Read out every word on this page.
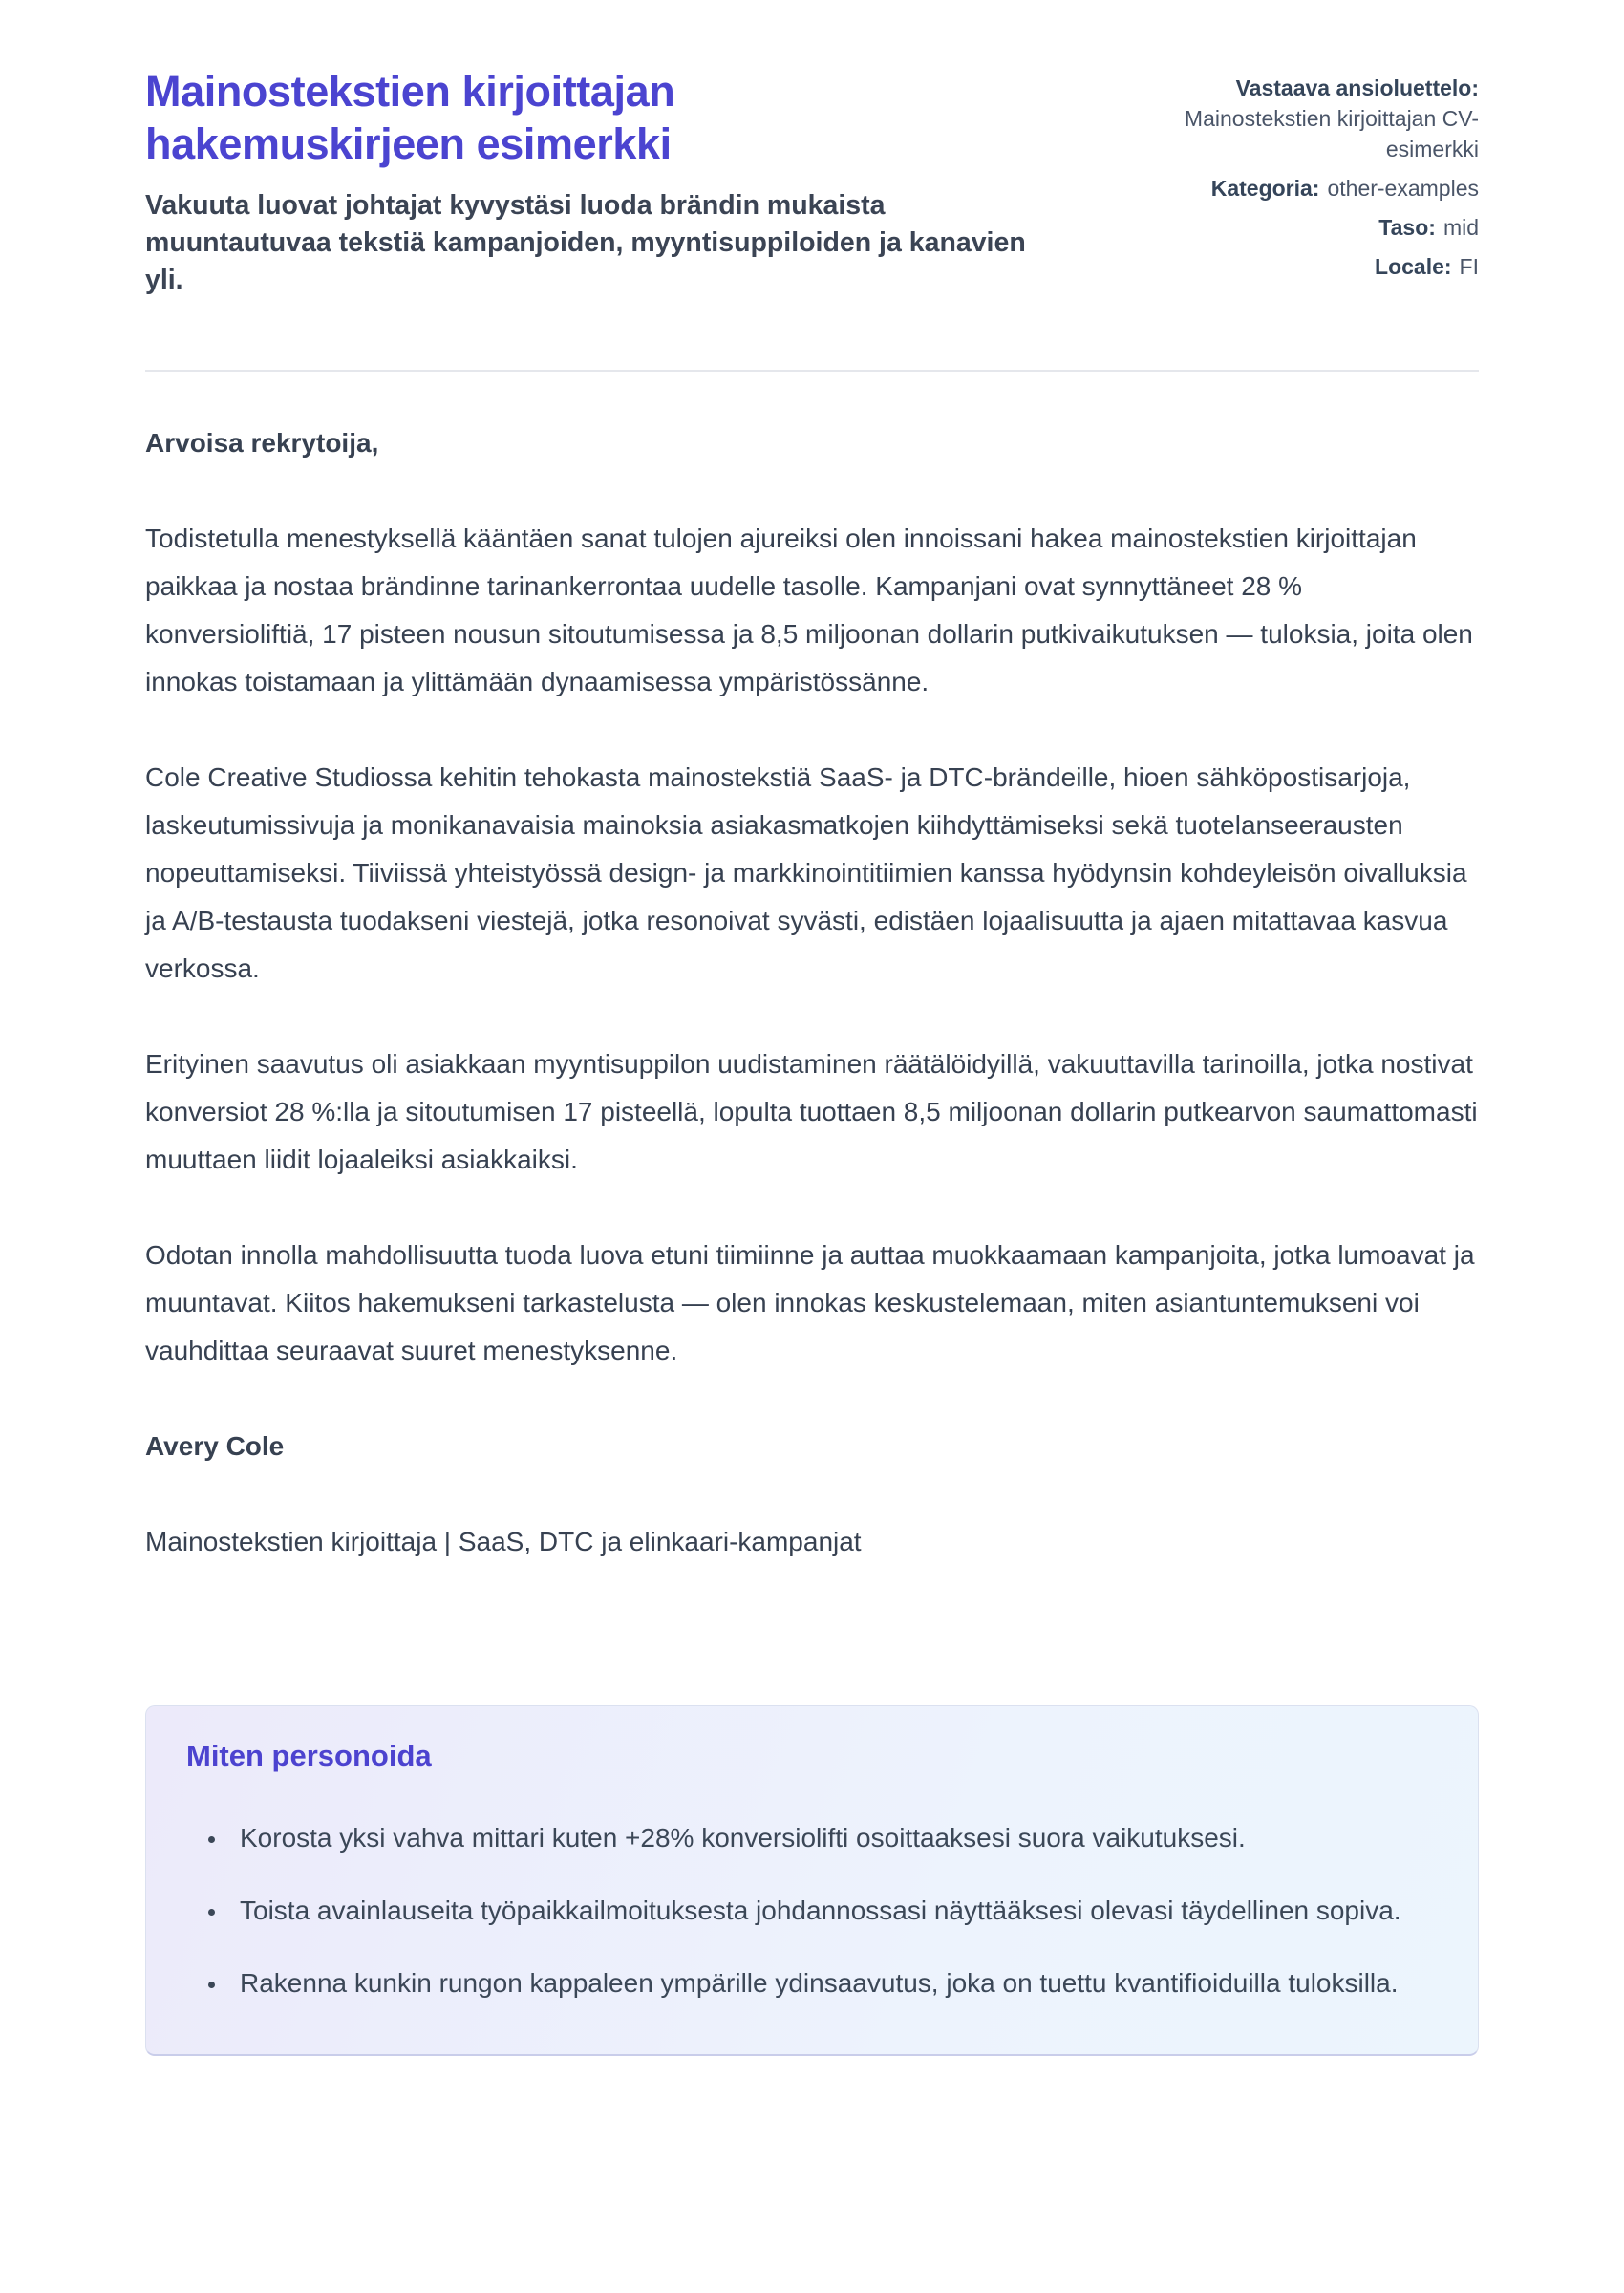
Mainostekstien kirjoittajan hakemuskirjeen esimerkki

Vakuuta luovat johtajat kyvystäsi luoda brändin mukaista muuntautuvaa tekstiä kampanjoiden, myyntisuppiloiden ja kanavien yli.

Vastaava ansioluettelo:
Mainostekstien kirjoittajan CV-esimerkki
Kategoria: other-examples
Taso: mid
Locale: FI

Arvoisa rekrytoija,

Todistetulla menestyksellä kääntäen sanat tulojen ajureiksi olen innoissani hakea mainostekstien kirjoittajan paikkaa ja nostaa brändinne tarinankerrontaa uudelle tasolle. Kampanjani ovat synnyttäneet 28 % konversioliftiä, 17 pisteen nousun sitoutumisessa ja 8,5 miljoonan dollarin putkivaikutuksen — tuloksia, joita olen innokas toistamaan ja ylittämään dynaamisessa ympäristössänne.

Cole Creative Studiossa kehitin tehokasta mainostekstiä SaaS- ja DTC-brändeille, hioen sähköpostisarjoja, laskeutumissivuja ja monikanavaisia mainoksia asiakasmatkojen kiihdyttämiseksi sekä tuotelanseerausten nopeuttamiseksi. Tiiviissä yhteistyössä design- ja markkinointitiimien kanssa hyödynsin kohdeyleisön oivalluksia ja A/B-testausta tuodakseni viestejä, jotka resonoivat syvästi, edistäen lojaalisuutta ja ajaen mitattavaa kasvua verkossa.

Erityinen saavutus oli asiakkaan myyntisuppilon uudistaminen räätälöidyillä, vakuuttavilla tarinoilla, jotka nostivat konversiot 28 %:lla ja sitoutumisen 17 pisteellä, lopulta tuottaen 8,5 miljoonan dollarin putkearvon saumattomasti muuttaen liidit lojaaleiksi asiakkaiksi.

Odotan innolla mahdollisuutta tuoda luova etuni tiimiinne ja auttaa muokkaamaan kampanjoita, jotka lumoavat ja muuntavat. Kiitos hakemukseni tarkastelusta — olen innokas keskustelemaan, miten asiantuntemukseni voi vauhdittaa seuraavat suuret menestyksenne.

Avery Cole

Mainostekstien kirjoittaja | SaaS, DTC ja elinkaari-kampanjat

Miten personoida
• Korosta yksi vahva mittari kuten +28% konversiolifti osoittaaksesi suora vaikutuksesi.
• Toista avainlauseita työpaikkailmoituksesta johdannossasi näyttääksesi olevasi täydellinen sopiva.
• Rakenna kunkin rungon kappaleen ympärille ydinsaavutus, joka on tuettu kvantifioiduilla tuloksilla.
